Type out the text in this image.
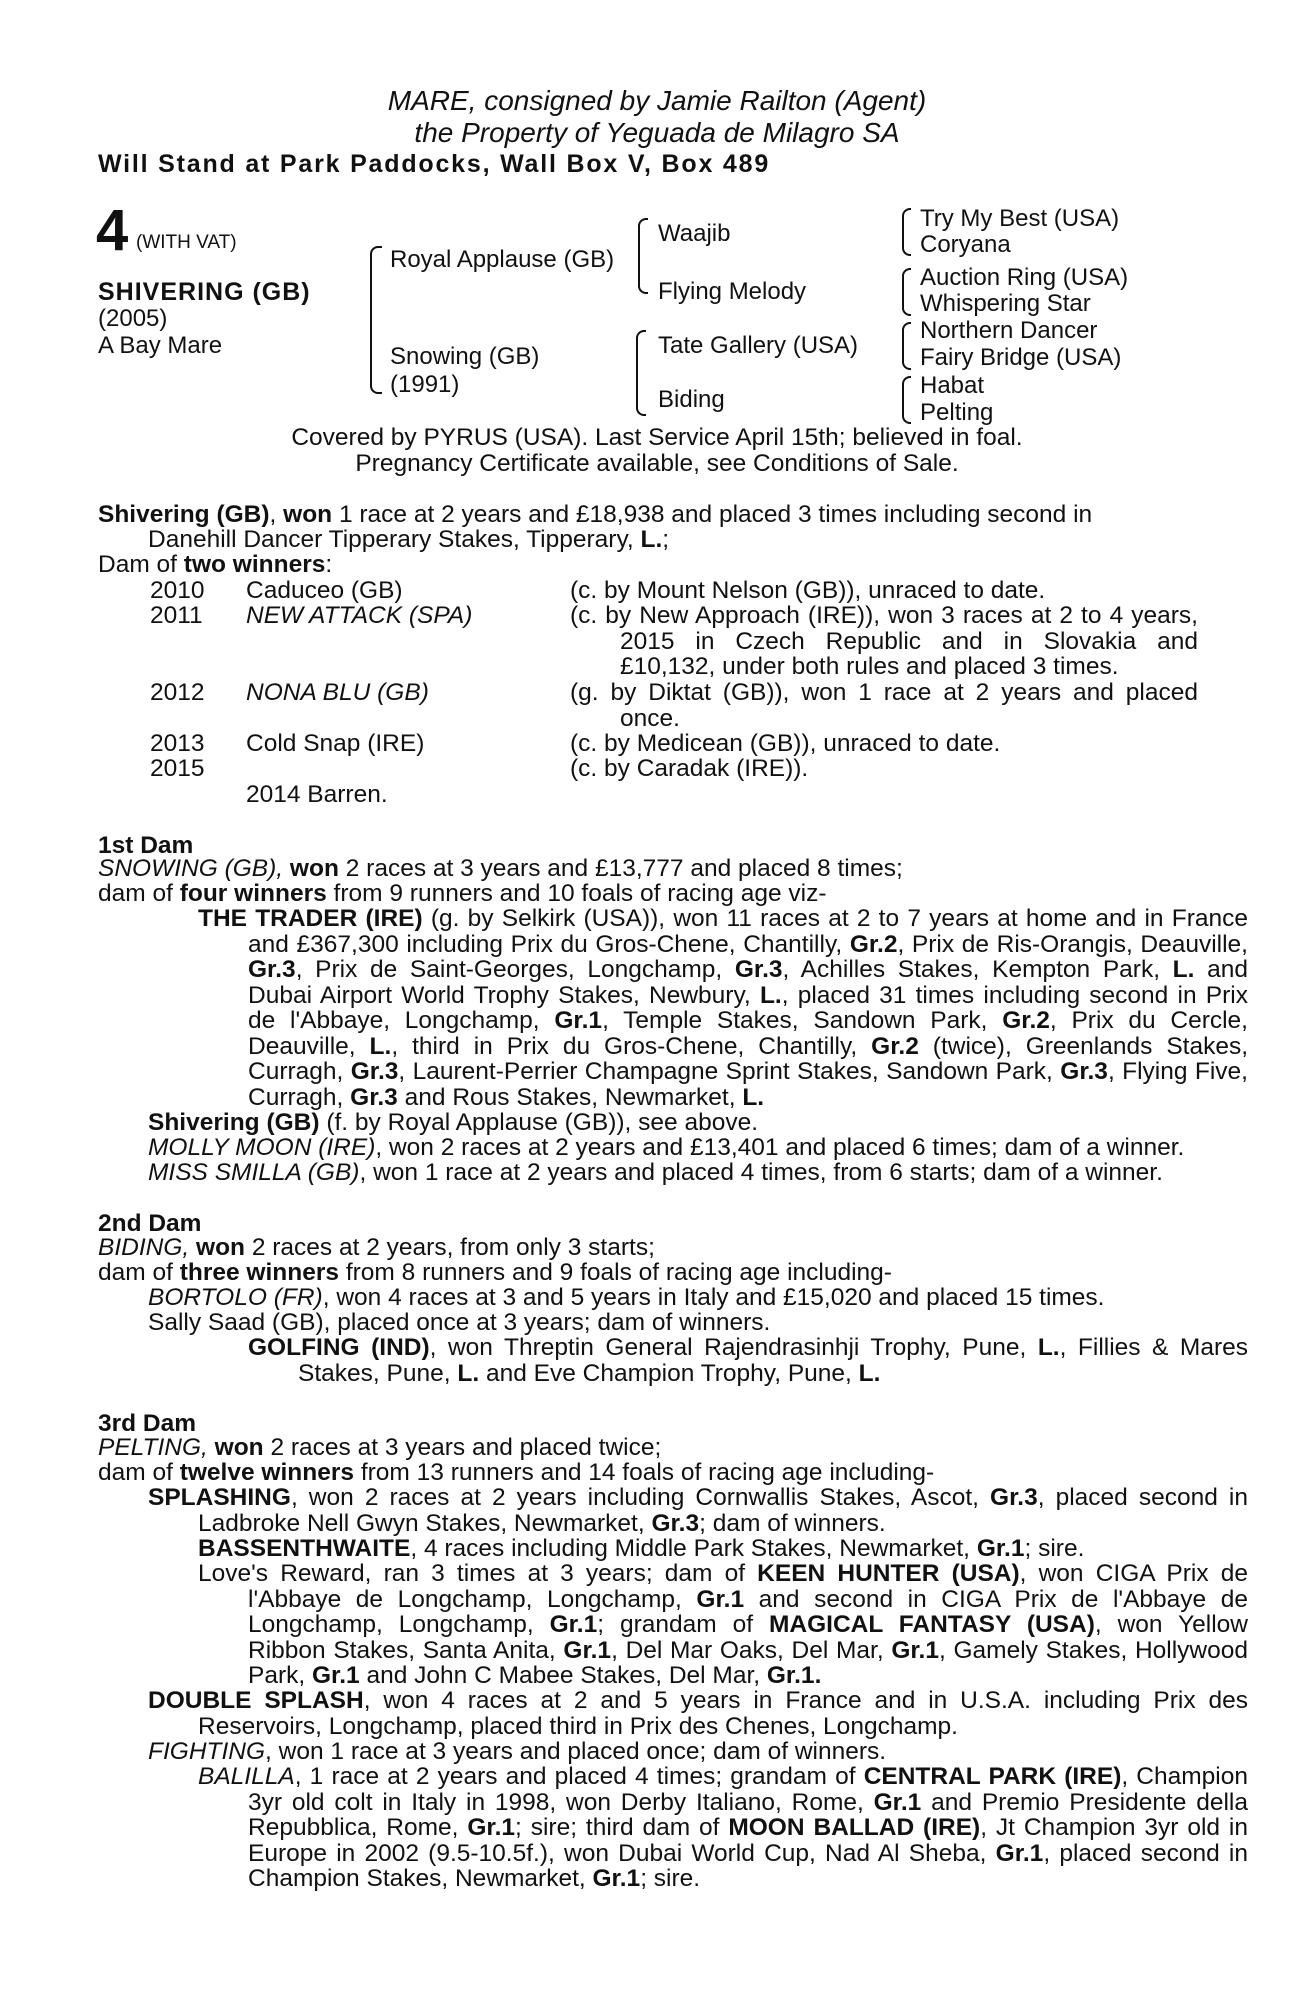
MARE, consigned by Jamie Railton (Agent)
the Property of Yeguada de Milagro SA
Will Stand at Park Paddocks, Wall Box V, Box 489
4 (WITH VAT)
SHIVERING (GB)
(2005)
A Bay Mare
Royal Applause (GB)
Snowing (GB)
(1991)
Waajib
Flying Melody
Tate Gallery (USA)
Biding
Try My Best (USA)
Coryana
Auction Ring (USA)
Whispering Star
Northern Dancer
Fairy Bridge (USA)
Habat
Pelting
Covered by PYRUS (USA). Last Service April 15th; believed in foal.
Pregnancy Certificate available, see Conditions of Sale.
Shivering (GB), won 1 race at 2 years and £18,938 and placed 3 times including second in
Danehill Dancer Tipperary Stakes, Tipperary, L.;
Dam of two winners:
2010 Caduceo (GB)	(c. by Mount Nelson (GB)), unraced to date.
2011 NEW ATTACK (SPA)	(c. by New Approach (IRE)), won 3 races at 2 to 4 years, 2015 in Czech Republic and in Slovakia and £10,132, under both rules and placed 3 times.
2012 NONA BLU (GB)	(g. by Diktat (GB)), won 1 race at 2 years and placed once.
2013 Cold Snap (IRE)	(c. by Medicean (GB)), unraced to date.
2015	(c. by Caradak (IRE)).
2014 Barren.
1st Dam
SNOWING (GB), won 2 races at 3 years and £13,777 and placed 8 times;
dam of four winners from 9 runners and 10 foals of racing age viz-
THE TRADER (IRE) (g. by Selkirk (USA)), won 11 races at 2 to 7 years at home and in France and £367,300 including Prix du Gros-Chene, Chantilly, Gr.2, Prix de Ris-Orangis, Deauville, Gr.3, Prix de Saint-Georges, Longchamp, Gr.3, Achilles Stakes, Kempton Park, L. and Dubai Airport World Trophy Stakes, Newbury, L., placed 31 times including second in Prix de l'Abbaye, Longchamp, Gr.1, Temple Stakes, Sandown Park, Gr.2, Prix du Cercle, Deauville, L., third in Prix du Gros-Chene, Chantilly, Gr.2 (twice), Greenlands Stakes, Curragh, Gr.3, Laurent-Perrier Champagne Sprint Stakes, Sandown Park, Gr.3, Flying Five, Curragh, Gr.3 and Rous Stakes, Newmarket, L.
Shivering (GB) (f. by Royal Applause (GB)), see above.
MOLLY MOON (IRE), won 2 races at 2 years and £13,401 and placed 6 times; dam of a winner.
MISS SMILLA (GB), won 1 race at 2 years and placed 4 times, from 6 starts; dam of a winner.
2nd Dam
BIDING, won 2 races at 2 years, from only 3 starts;
dam of three winners from 8 runners and 9 foals of racing age including-
BORTOLO (FR), won 4 races at 3 and 5 years in Italy and £15,020 and placed 15 times.
Sally Saad (GB), placed once at 3 years; dam of winners.
GOLFING (IND), won Threptin General Rajendrasinhji Trophy, Pune, L., Fillies & Mares Stakes, Pune, L. and Eve Champion Trophy, Pune, L.
3rd Dam
PELTING, won 2 races at 3 years and placed twice;
dam of twelve winners from 13 runners and 14 foals of racing age including-
SPLASHING, won 2 races at 2 years including Cornwallis Stakes, Ascot, Gr.3, placed second in Ladbroke Nell Gwyn Stakes, Newmarket, Gr.3; dam of winners.
BASSENTHWAITE, 4 races including Middle Park Stakes, Newmarket, Gr.1; sire.
Love's Reward, ran 3 times at 3 years; dam of KEEN HUNTER (USA), won CIGA Prix de l'Abbaye de Longchamp, Longchamp, Gr.1 and second in CIGA Prix de l'Abbaye de Longchamp, Longchamp, Gr.1; grandam of MAGICAL FANTASY (USA), won Yellow Ribbon Stakes, Santa Anita, Gr.1, Del Mar Oaks, Del Mar, Gr.1, Gamely Stakes, Hollywood Park, Gr.1 and John C Mabee Stakes, Del Mar, Gr.1.
DOUBLE SPLASH, won 4 races at 2 and 5 years in France and in U.S.A. including Prix des Reservoirs, Longchamp, placed third in Prix des Chenes, Longchamp.
FIGHTING, won 1 race at 3 years and placed once; dam of winners.
BALILLA, 1 race at 2 years and placed 4 times; grandam of CENTRAL PARK (IRE), Champion 3yr old colt in Italy in 1998, won Derby Italiano, Rome, Gr.1 and Premio Presidente della Repubblica, Rome, Gr.1; sire; third dam of MOON BALLAD (IRE), Jt Champion 3yr old in Europe in 2002 (9.5-10.5f.), won Dubai World Cup, Nad Al Sheba, Gr.1, placed second in Champion Stakes, Newmarket, Gr.1; sire.
